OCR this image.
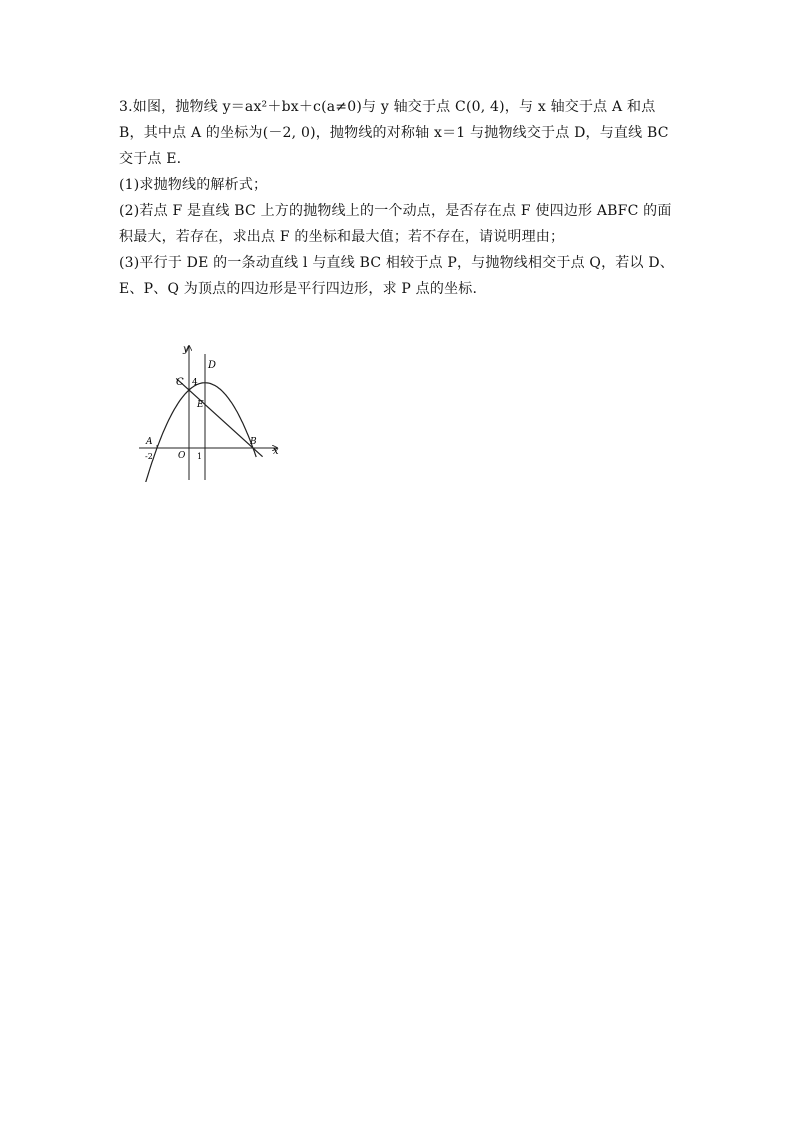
3.如图，抛物线 y＝ax²＋bx＋c(a≠0)与 y 轴交于点 C(0, 4)，与 x 轴交于点 A 和点
B，其中点 A 的坐标为(－2, 0)，抛物线的对称轴 x＝1 与抛物线交于点 D，与直线 BC
交于点 E.
(1)求抛物线的解析式；
(2)若点 F 是直线 BC 上方的抛物线上的一个动点，是否存在点 F 使四边形 ABFC 的面
积最大，若存在，求出点 F 的坐标和最大值；若不存在，请说明理由；
(3)平行于 DE 的一条动直线 l 与直线 BC 相较于点 P，与抛物线相交于点 Q，若以 D、
E、P、Q 为顶点的四边形是平行四边形，求 P 点的坐标.
y
x
D
C 4
E
A	B
-2	O 1
